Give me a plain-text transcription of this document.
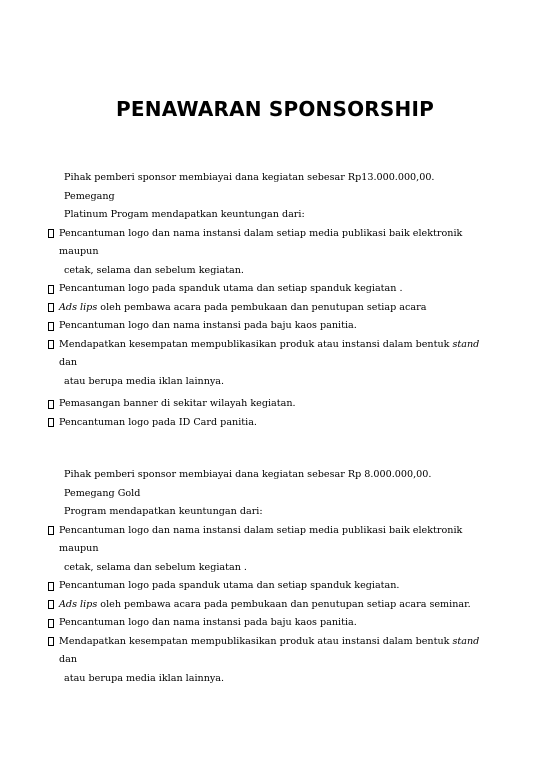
PENAWARAN SPONSORSHIP

Pihak pemberi sponsor membiayai dana kegiatan sebesar Rp13.000.000,00. Pemegang
Platinum Progam mendapatkan keuntungan dari:

Pencantuman logo dan nama instansi dalam setiap media publikasi baik elektronik maupun

cetak, selama dan sebelum kegiatan.

Pencantuman logo pada spanduk utama dan setiap spanduk kegiatan .

Ads lips oleh pembawa acara pada pembukaan dan penutupan setiap acara

Pencantuman logo dan nama instansi pada baju kaos panitia.

Mendapatkan kesempatan mempublikasikan produk atau instansi dalam bentuk stand dan

atau berupa media iklan lainnya.

Pemasangan banner di sekitar wilayah kegiatan.

Pencantuman logo pada ID Card panitia.

Pihak pemberi sponsor membiayai dana kegiatan sebesar Rp 8.000.000,00. Pemegang Gold
Program mendapatkan keuntungan dari:

Pencantuman logo dan nama instansi dalam setiap media publikasi baik elektronik maupun

cetak, selama dan sebelum kegiatan .

Pencantuman logo pada spanduk utama dan setiap spanduk kegiatan.

Ads lips oleh pembawa acara pada pembukaan dan penutupan setiap acara seminar.

Pencantuman logo dan nama instansi pada baju kaos panitia.

Mendapatkan kesempatan mempublikasikan produk atau instansi dalam bentuk stand dan

atau berupa media iklan lainnya.
